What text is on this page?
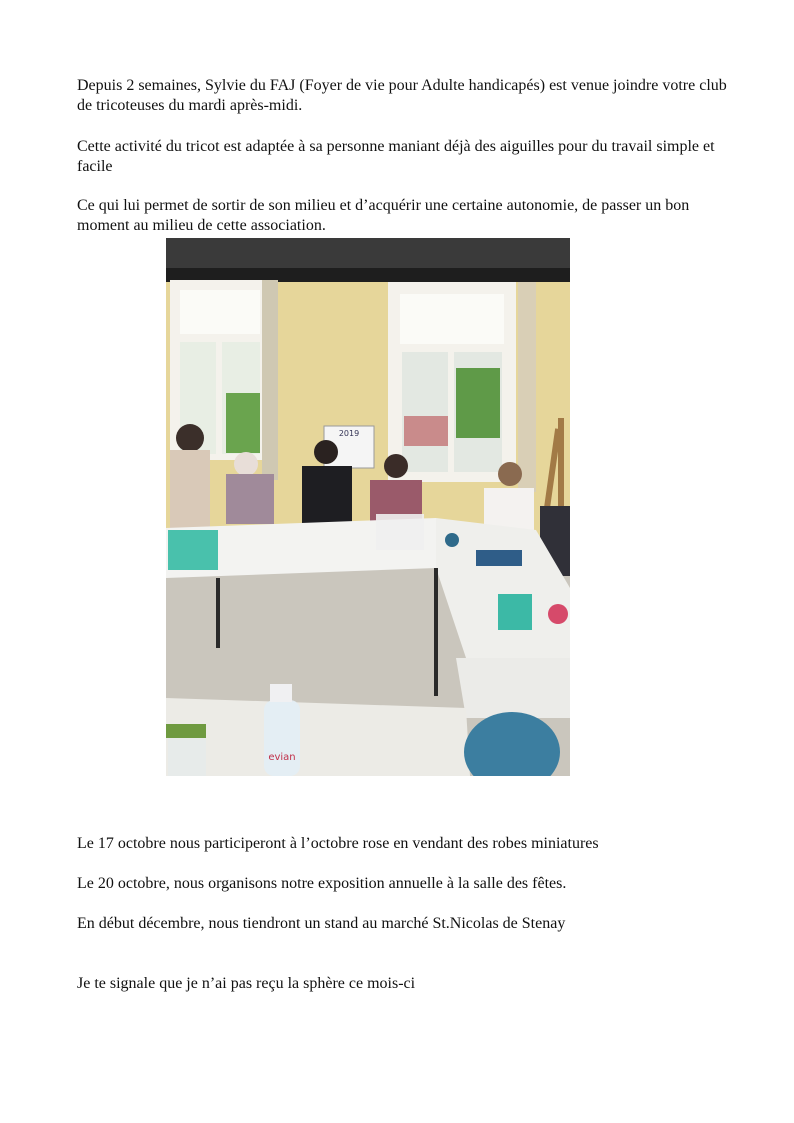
Depuis 2 semaines, Sylvie du FAJ (Foyer de vie pour Adulte handicapés) est venue joindre votre club de tricoteuses du mardi après-midi.

Cette activité du tricot est adaptée à sa personne maniant déjà des aiguilles pour du travail simple et facile

Ce qui lui permet de sortir de son milieu et d’acquérir une certaine autonomie, de passer un bon moment au milieu de cette association.

2019
evian

Le 17 octobre nous participeront à l’octobre rose en vendant des robes miniatures

Le 20 octobre, nous organisons notre exposition annuelle à la salle des fêtes.

En début décembre, nous tiendront un stand au marché St.Nicolas de Stenay

Je te signale que je n’ai pas reçu la sphère ce mois-ci
